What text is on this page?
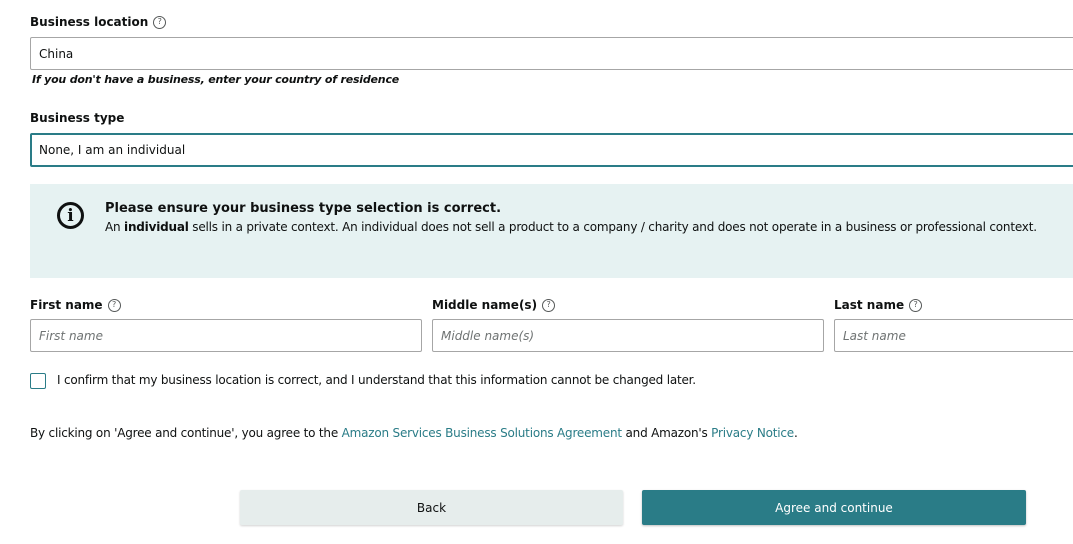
Business location	?
China
If you don't have a business, enter your country of residence
Business type
None, I am an individual
i	Please ensure your business type selection is correct.
An individual sells in a private context. An individual does not sell a product to a company / charity and does not operate in a business or professional context.
First name	?
First name
Middle name(s)	?
Middle name(s)
Last name	?
Last name
I confirm that my business location is correct, and I understand that this information cannot be changed later.
By clicking on 'Agree and continue', you agree to the Amazon Services Business Solutions Agreement and Amazon's Privacy Notice.
Back	Agree and continue
